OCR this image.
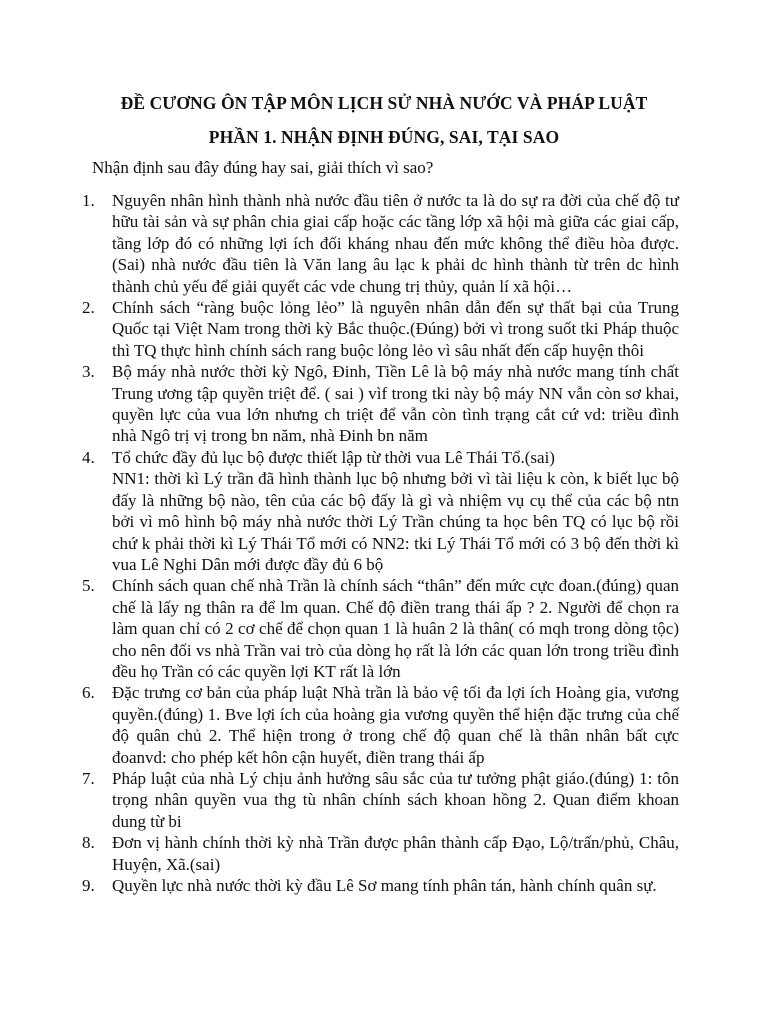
ĐỀ CƯƠNG ÔN TẬP MÔN LỊCH SỬ NHÀ NƯỚC VÀ PHÁP LUẬT
PHẦN 1. NHẬN ĐỊNH ĐÚNG, SAI, TẠI SAO
Nhận định sau đây đúng hay sai, giải thích vì sao?
1. Nguyên nhân hình thành nhà nước đầu tiên ở nước ta là do sự ra đời của chế độ tư hữu tài sản và sự phân chia giai cấp hoặc các tầng lớp xã hội mà giữa các giai cấp, tầng lớp đó có những lợi ích đối kháng nhau đến mức không thể điều hòa được.(Sai) nhà nước đầu tiên là Văn lang âu lạc k phải dc hình thành từ trên dc hình thành chủ yếu để giải quyết các vde chung trị thủy, quản lí xã hội…
2. Chính sách “ràng buộc lỏng lẻo” là nguyên nhân dẫn đến sự thất bại của Trung Quốc tại Việt Nam trong thời kỳ Bắc thuộc.(Đúng) bởi vì trong suốt tki Pháp thuộc thì TQ thực hình chính sách rang buộc lỏng lẻo vì sâu nhất đến cấp huyện thôi
3. Bộ máy nhà nước thời kỳ Ngô, Đinh, Tiền Lê là bộ máy nhà nước mang tính chất Trung ương tập quyền triệt để. ( sai ) vìf trong tki này bộ máy NN vẫn còn sơ khai, quyền lực của vua lớn nhưng ch triệt để vẫn còn tình trạng cắt cứ vd: triều đình nhà Ngô trị vị trong bn năm, nhà Đinh bn năm
4. Tổ chức đầy đủ lục bộ được thiết lập từ thời vua Lê Thái Tổ.(sai)
NN1: thời kì Lý trần đã hình thành lục bộ nhưng bởi vì tài liệu k còn, k biết lục bộ đấy là những bộ nào, tên của các bộ đấy là gì và nhiệm vụ cụ thể của các bộ ntn bởi vì mô hình bộ máy nhà nước thời Lý Trần chúng ta học bên TQ có lục bộ rồi chứ k phải thời kì Lý Thái Tổ mới có NN2: tki Lý Thái Tổ mới có 3 bộ đến thời kì vua Lê Nghi Dân mới được đầy đủ 6 bộ
5. Chính sách quan chế nhà Trần là chính sách “thân” đến mức cực đoan.(đúng) quan chế là lấy ng thân ra để lm quan. Chế độ điền trang thái ấp ? 2. Người để chọn ra làm quan chỉ có 2 cơ chế để chọn quan 1 là huân 2 là thân( có mqh trong dòng tộc) cho nên đối vs nhà Trần vai trò của dòng họ rất là lớn các quan lớn trong triều đình đều họ Trần có các quyền lợi KT rất là lớn
6. Đặc trưng cơ bản của pháp luật Nhà trần là bảo vệ tối đa lợi ích Hoàng gia, vương quyền.(đúng) 1. Bve lợi ích của hoàng gia vương quyền thể hiện đặc trưng của chế độ quân chủ 2. Thể hiện trong ở trong chế độ quan chế là thân nhân bất cực đoanvd: cho phép kết hôn cận huyết, điền trang thái ấp
7. Pháp luật của nhà Lý chịu ảnh hưởng sâu sắc của tư tưởng phật giáo.(đúng) 1: tôn trọng nhân quyền vua thg tù nhân chính sách khoan hồng 2. Quan điểm khoan dung từ bi
8. Đơn vị hành chính thời kỳ nhà Trần được phân thành cấp Đạo, Lộ/trấn/phủ, Châu, Huyện, Xã.(sai)
9. Quyền lực nhà nước thời kỳ đầu Lê Sơ mang tính phân tán, hành chính quân sự.
